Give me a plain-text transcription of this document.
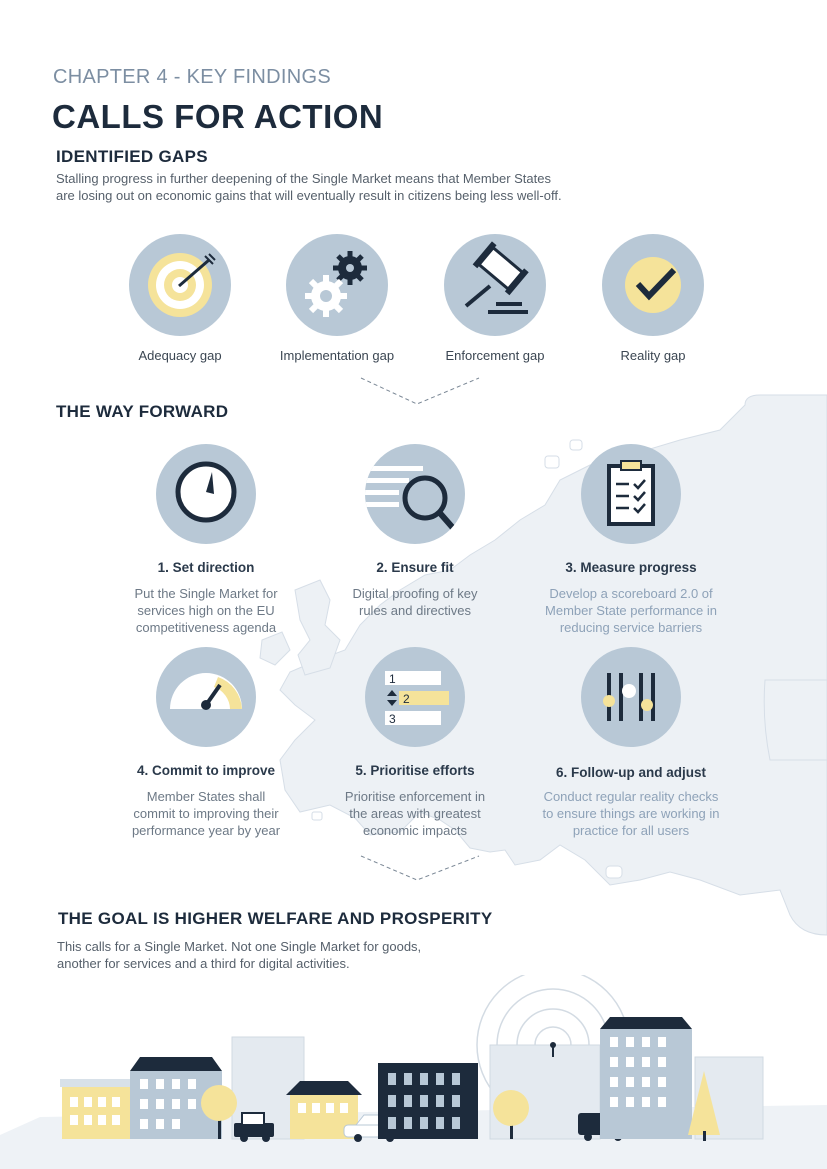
CHAPTER 4 - KEY FINDINGS
CALLS FOR ACTION
IDENTIFIED GAPS
Stalling progress in further deepening of the Single Market means that Member States
are losing out on economic gains that will eventually result in citizens being less well-off.
Adequacy gap	Implementation gap	Enforcement gap	Reality gap
THE WAY FORWARD
1. Set direction
Put the Single Market for
services high on the EU
competitiveness agenda
2. Ensure fit
Digital proofing of key
rules and directives
3. Measure progress
Develop a scoreboard 2.0 of
Member State performance in
reducing service barriers
4. Commit to improve
Member States shall
commit to improving their
performance year by year
1
2
3
5. Prioritise efforts
Prioritise enforcement in
the areas with greatest
economic impacts
6. Follow-up and adjust
Conduct regular reality checks
to ensure things are working in
practice for all users
THE GOAL IS HIGHER WELFARE AND PROSPERITY
This calls for a Single Market. Not one Single Market for goods,
another for services and a third for digital activities.
